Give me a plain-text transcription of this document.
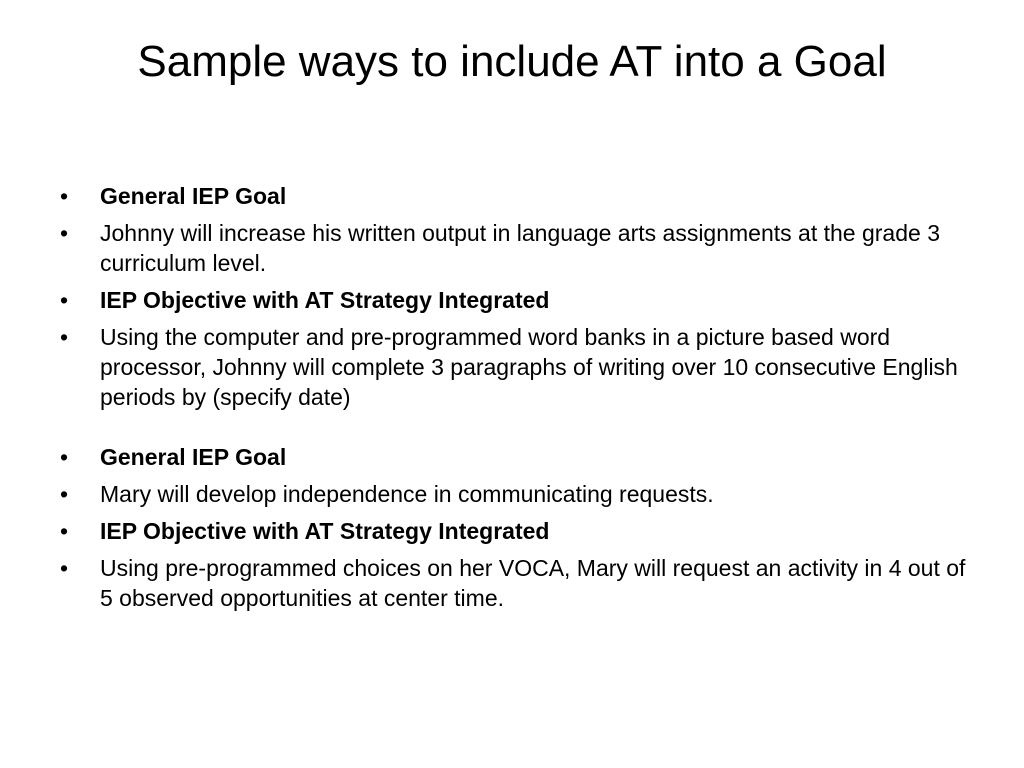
Sample ways to include AT into a Goal
•	General IEP Goal
•	Johnny will increase his written output in language arts assignments at the grade 3 curriculum level.
•	IEP Objective with AT Strategy Integrated
•	Using the computer and pre-programmed word banks in a picture based word processor, Johnny will complete 3 paragraphs of writing over 10 consecutive English periods by (specify date)
•	General IEP Goal
•	Mary will develop independence in communicating requests.
•	IEP Objective with AT Strategy Integrated
•	Using pre-programmed choices on her VOCA, Mary will request an activity in 4 out of 5 observed opportunities at center time.
